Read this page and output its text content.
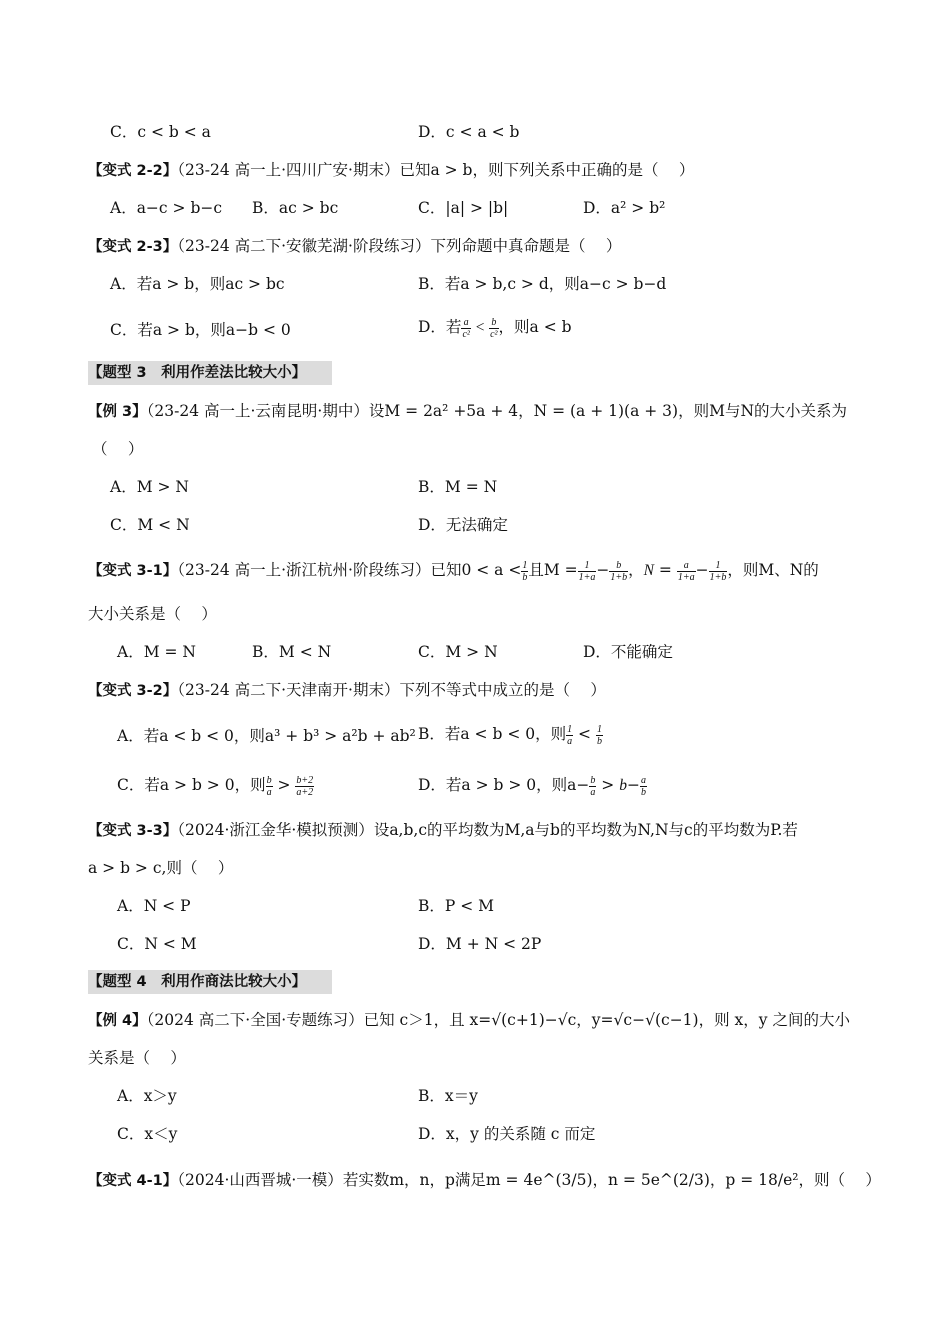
C．c < b < a	D．c < a < b
【变式 2-2】（23-24 高一上·四川广安·期末）已知a > b，则下列关系中正确的是（　 ）
A．a−c > b−c B．ac > bc	C．|a| > |b|	D．a² > b²
【变式 2-3】（23-24 高二下·安徽芜湖·阶段练习）下列命题中真命题是（　 ）
A．若a > b，则ac > bc	B．若a > b,c > d，则a−c > b−d
C．若a > b，则a−b < 0	D．若 $\frac{a}{\text{c²}} < \frac{b}{\text{c²}}$ ，则a < b
【题型 3　利用作差法比较大小】
【例 3】（23-24 高一上·云南昆明·期中）设M = 2a² +5a + 4，N = (a + 1)(a + 3)，则M与N的大小关系为
（　 ）
A．M > N	B．M = N
C．M < N	D．无法确定
【变式 3-1】（23-24 高一上·浙江杭州·阶段练习）已知$0 < a < \frac{1}{b}$ 且$M = \frac{1}{1+a} - \frac{b}{1+b}$ ，$N = \frac{a}{1+a} - \frac{1}{1+b}$ ，则M、N的
大小关系是（　 ）
A．M = N	B．M < N	C．M > N	D．不能确定
【变式 3-2】（23-24 高二下·天津南开·期末）下列不等式中成立的是（　 ）
A．若a < b < 0，则a³ + b³ > a²b + ab² B．若a < b < 0，则 $\frac{1}{a} < \frac{1}{b}$
C．若a > b > 0，则 $\frac{b}{a} > \frac{b+2}{a+2}$	D．若a > b > 0，则$a- \frac{b}{a} > b- \frac{a}{b}$
【变式 3-3】（2024·浙江金华·模拟预测）设a,b,c的平均数为M,a与b的平均数为N,N与c的平均数为P.若
a > b > c,则（　 ）
A．N < P	B．P < M
C．N < M	D．M + N < 2P
【题型 4　利用作商法比较大小】
【例 4】（2024 高二下·全国·专题练习）已知 c＞1，且 x=√(c+1)−√c，y=√c−√(c−1)，则 x，y 之间的大小
关系是（　 ）
A．x＞y	B．x＝y
C．x＜y	D．x，y 的关系随 c 而定
【变式 4-1】（2024·山西晋城·一模）若实数m，n，p满足m = 4e^(3/5)，n = 5e^(2/3)，p = 18/e²，则（　 ）
